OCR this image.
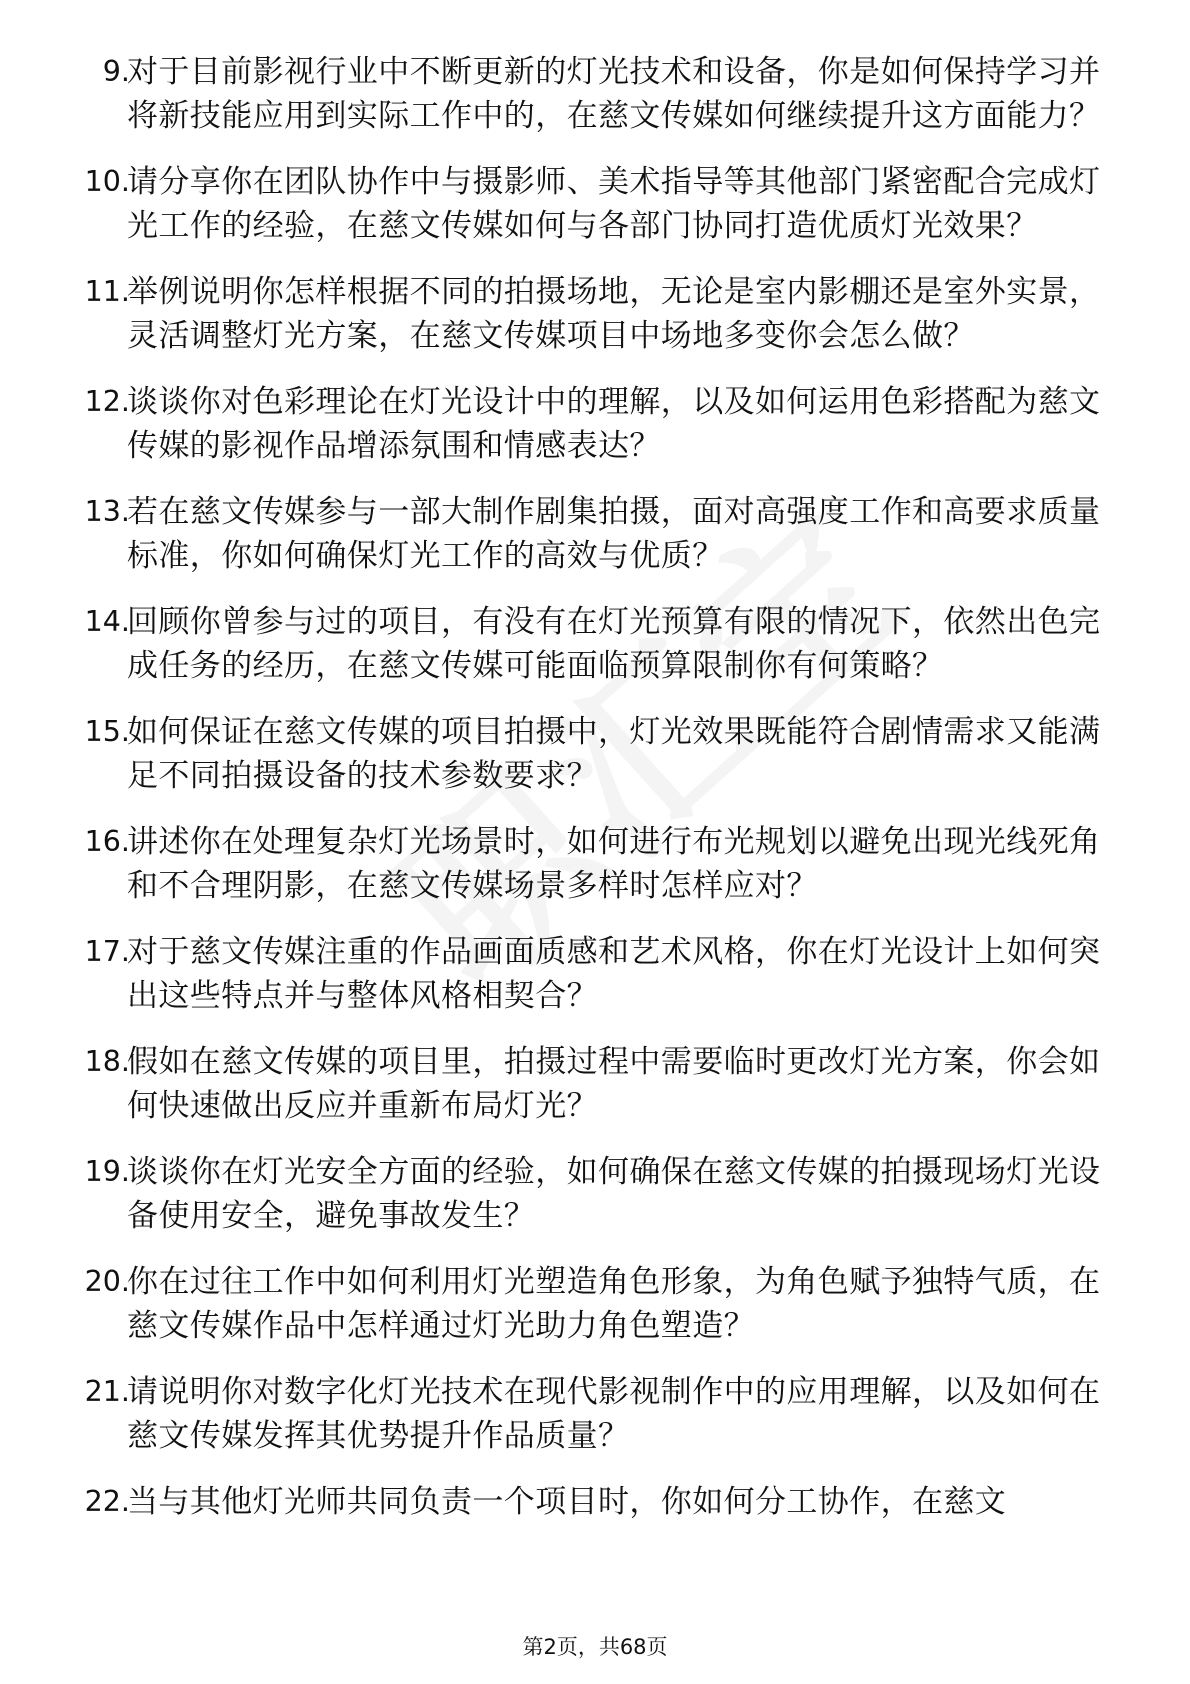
9.
对于目前影视行业中不断更新的灯光技术和设备，你是如何保持学习并将新技能应用到实际工作中的，在慈文传媒如何继续提升这方面能力？
10.
请分享你在团队协作中与摄影师、美术指导等其他部门紧密配合完成灯光工作的经验，在慈文传媒如何与各部门协同打造优质灯光效果？
11.
举例说明你怎样根据不同的拍摄场地，无论是室内影棚还是室外实景，灵活调整灯光方案，在慈文传媒项目中场地多变你会怎么做？
12.
谈谈你对色彩理论在灯光设计中的理解，以及如何运用色彩搭配为慈文传媒的影视作品增添氛围和情感表达？
13.
若在慈文传媒参与一部大制作剧集拍摄，面对高强度工作和高要求质量标准，你如何确保灯光工作的高效与优质？
14.
回顾你曾参与过的项目，有没有在灯光预算有限的情况下，依然出色完成任务的经历，在慈文传媒可能面临预算限制你有何策略？
15.
如何保证在慈文传媒的项目拍摄中，灯光效果既能符合剧情需求又能满足不同拍摄设备的技术参数要求？
16.
讲述你在处理复杂灯光场景时，如何进行布光规划以避免出现光线死角和不合理阴影，在慈文传媒场景多样时怎样应对？
17.
对于慈文传媒注重的作品画面质感和艺术风格，你在灯光设计上如何突出这些特点并与整体风格相契合？
18.
假如在慈文传媒的项目里，拍摄过程中需要临时更改灯光方案，你会如何快速做出反应并重新布局灯光？
19.
谈谈你在灯光安全方面的经验，如何确保在慈文传媒的拍摄现场灯光设备使用安全，避免事故发生？
20.
你在过往工作中如何利用灯光塑造角色形象，为角色赋予独特气质，在慈文传媒作品中怎样通过灯光助力角色塑造？
21.
请说明你对数字化灯光技术在现代影视制作中的应用理解，以及如何在慈文传媒发挥其优势提升作品质量？
22.
当与其他灯光师共同负责一个项目时，你如何分工协作，在慈文
第2页，共68页
